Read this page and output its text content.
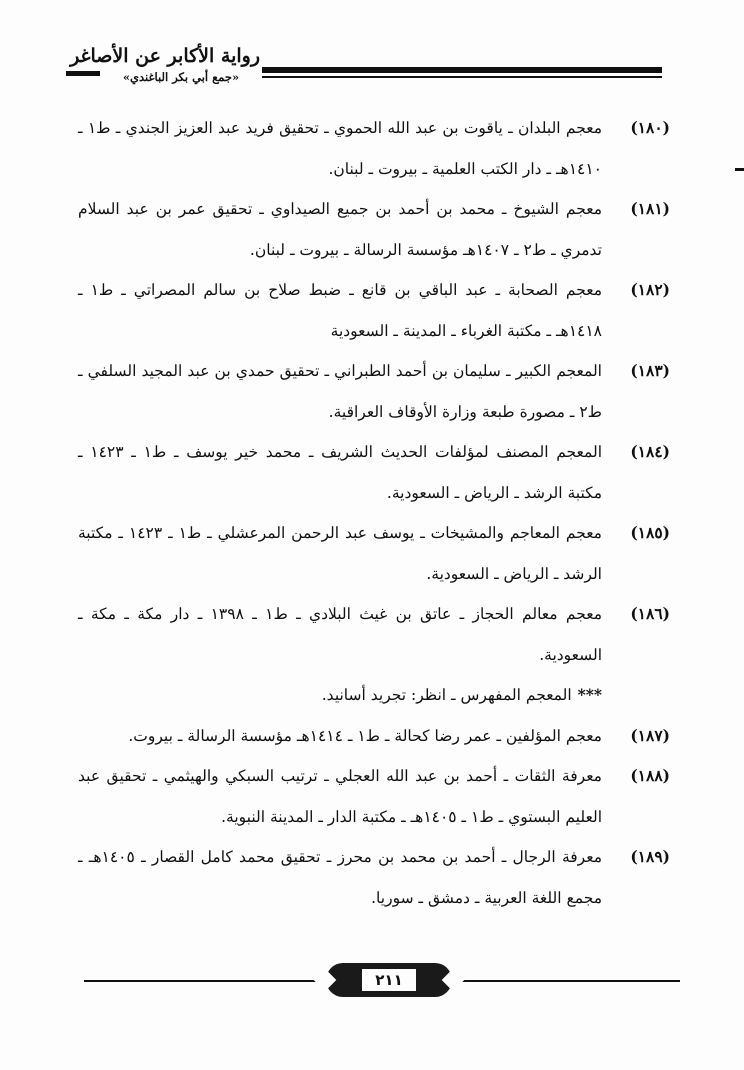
رواية الأكابر عن الأصاغر
«جمع أبي بكر الباغندي»

(١٨٠)
معجم البلدان ـ ياقوت بن عبد الله الحموي ـ تحقيق فريد عبد العزيز الجندي ـ ط١ ـ ١٤١٠هـ ـ دار الكتب العلمية ـ بيروت ـ لبنان.

(١٨١)
معجم الشيوخ ـ محمد بن أحمد بن جميع الصيداوي ـ تحقيق عمر بن عبد السلام تدمري ـ ط٢ ـ ١٤٠٧هـ مؤسسة الرسالة ـ بيروت ـ لبنان.

(١٨٢)
معجم الصحابة ـ عبد الباقي بن قانع ـ ضبط صلاح بن سالم المصراتي ـ ط١ ـ ١٤١٨هـ ـ مكتبة الغرباء ـ المدينة ـ السعودية

(١٨٣)
المعجم الكبير ـ سليمان بن أحمد الطبراني ـ تحقيق حمدي بن عبد المجيد السلفي ـ ط٢ ـ مصورة طبعة وزارة الأوقاف العراقية.

(١٨٤)
المعجم المصنف لمؤلفات الحديث الشريف ـ محمد خير يوسف ـ ط١ ـ ١٤٢٣ ـ مكتبة الرشد ـ الرياض ـ السعودية.

(١٨٥)
معجم المعاجم والمشيخات ـ يوسف عبد الرحمن المرعشلي ـ ط١ ـ ١٤٢٣ ـ مكتبة الرشد ـ الرياض ـ السعودية.

(١٨٦)
معجم معالم الحجاز ـ عاتق بن غيث البلادي ـ ط١ ـ ١٣٩٨ ـ دار مكة ـ مكة ـ السعودية.

***المعجم المفهرس ـ انظر: تجريد أسانيد.

(١٨٧)
معجم المؤلفين ـ عمر رضا كحالة ـ ط١ ـ ١٤١٤هـ مؤسسة الرسالة ـ بيروت.

(١٨٨)
معرفة الثقات ـ أحمد بن عبد الله العجلي ـ ترتيب السبكي والهيثمي ـ تحقيق عبد العليم البستوي ـ ط١ ـ ١٤٠٥هـ ـ مكتبة الدار ـ المدينة النبوية.

(١٨٩)
معرفة الرجال ـ أحمد بن محمد بن محرز ـ تحقيق محمد كامل القصار ـ ١٤٠٥هـ ـ مجمع اللغة العربية ـ دمشق ـ سوريا.

٢١١
